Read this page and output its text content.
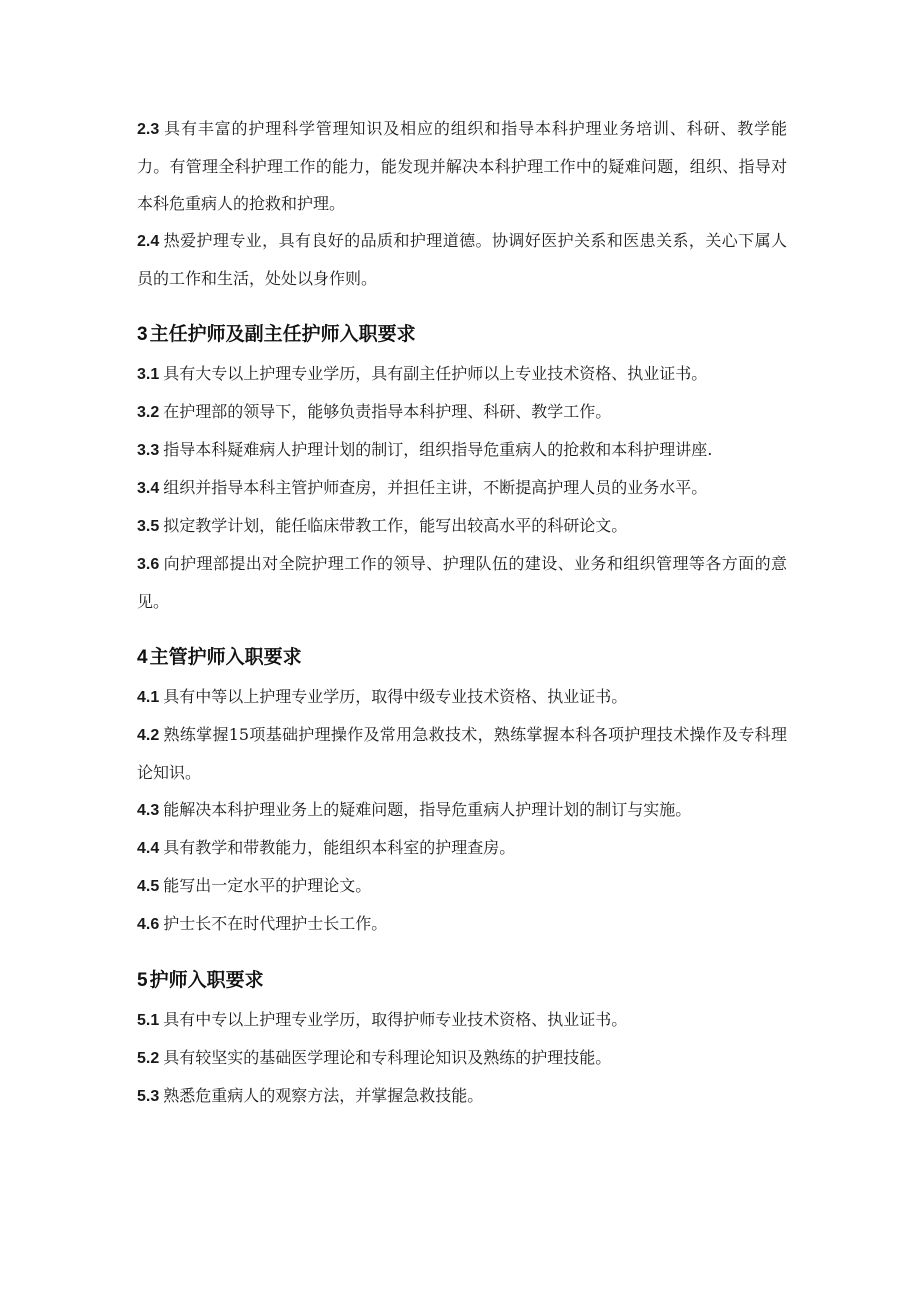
2.3 具有丰富的护理科学管理知识及相应的组织和指导本科护理业务培训、科研、教学能力。有管理全科护理工作的能力，能发现并解决本科护理工作中的疑难问题，组织、指导对本科危重病人的抢救和护理。

2.4 热爱护理专业，具有良好的品质和护理道德。协调好医护关系和医患关系，关心下属人员的工作和生活，处处以身作则。

3 主任护师及副主任护师入职要求

3.1 具有大专以上护理专业学历，具有副主任护师以上专业技术资格、执业证书。

3.2 在护理部的领导下，能够负责指导本科护理、科研、教学工作。

3.3 指导本科疑难病人护理计划的制订，组织指导危重病人的抢救和本科护理讲座.

3.4 组织并指导本科主管护师查房，并担任主讲，不断提高护理人员的业务水平。

3.5 拟定教学计划，能任临床带教工作，能写出较高水平的科研论文。

3.6 向护理部提出对全院护理工作的领导、护理队伍的建设、业务和组织管理等各方面的意见。

4 主管护师入职要求

4.1 具有中等以上护理专业学历，取得中级专业技术资格、执业证书。

4.2 熟练掌握15项基础护理操作及常用急救技术，熟练掌握本科各项护理技术操作及专科理论知识。

4.3 能解决本科护理业务上的疑难问题，指导危重病人护理计划的制订与实施。

4.4 具有教学和带教能力，能组织本科室的护理查房。

4.5 能写出一定水平的护理论文。

4.6 护士长不在时代理护士长工作。

5 护师入职要求

5.1 具有中专以上护理专业学历，取得护师专业技术资格、执业证书。

5.2 具有较坚实的基础医学理论和专科理论知识及熟练的护理技能。

5.3 熟悉危重病人的观察方法，并掌握急救技能。
